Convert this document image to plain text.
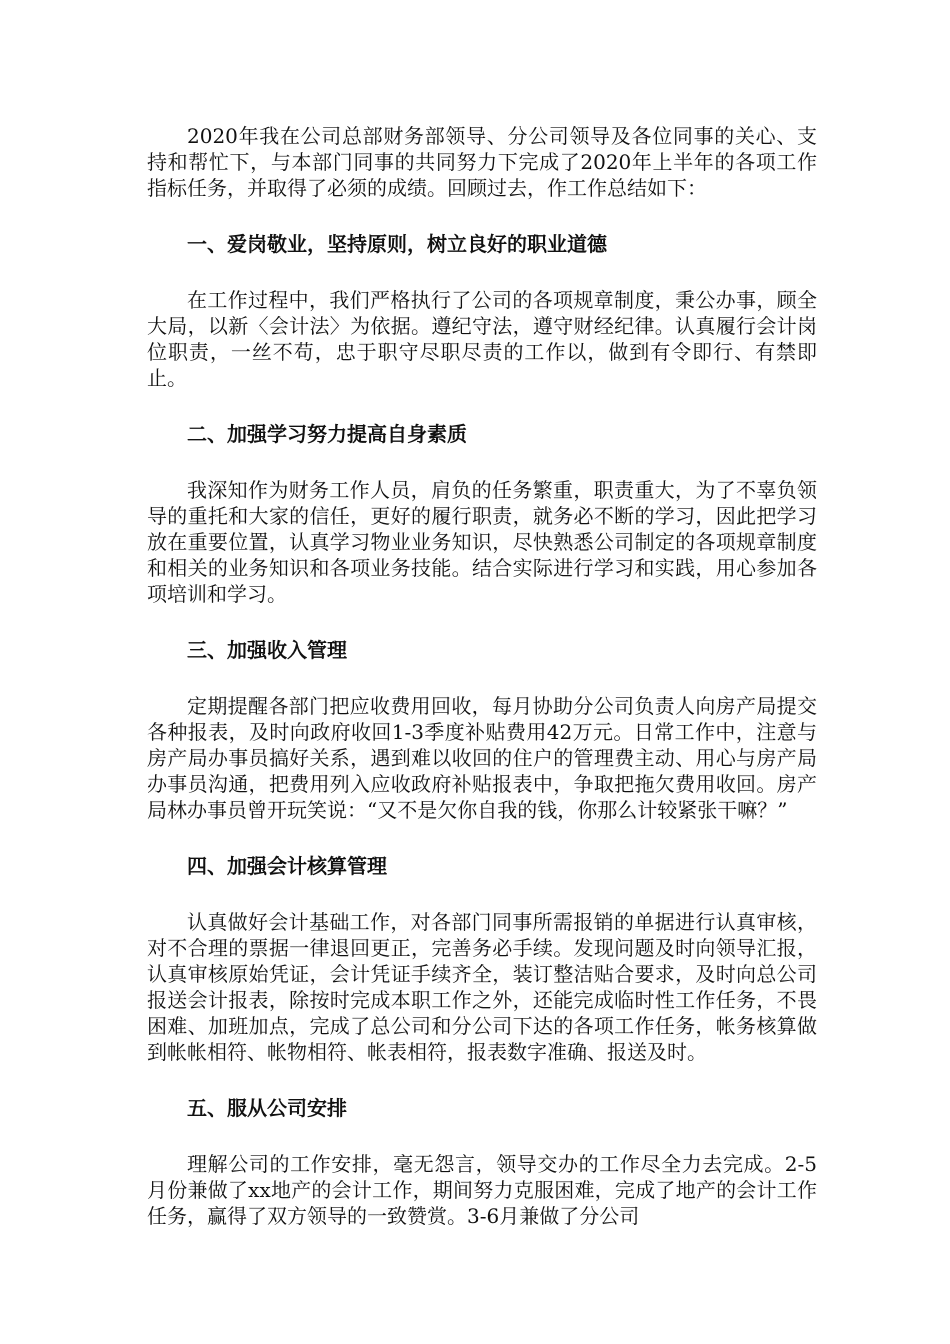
2020年我在公司总部财务部领导、分公司领导及各位同事的关心、支持和帮忙下，与本部门同事的共同努力下完成了2020年上半年的各项工作指标任务，并取得了必须的成绩。回顾过去，作工作总结如下：

一、爱岗敬业，坚持原则，树立良好的职业道德

在工作过程中，我们严格执行了公司的各项规章制度，秉公办事，顾全大局，以新〈会计法〉为依据。遵纪守法，遵守财经纪律。认真履行会计岗位职责，一丝不苟，忠于职守尽职尽责的工作以，做到有令即行、有禁即止。

二、加强学习努力提高自身素质

我深知作为财务工作人员，肩负的任务繁重，职责重大，为了不辜负领导的重托和大家的信任，更好的履行职责，就务必不断的学习，因此把学习放在重要位置，认真学习物业业务知识，尽快熟悉公司制定的各项规章制度和相关的业务知识和各项业务技能。结合实际进行学习和实践，用心参加各项培训和学习。

三、加强收入管理

定期提醒各部门把应收费用回收，每月协助分公司负责人向房产局提交各种报表，及时向政府收回1-3季度补贴费用42万元。日常工作中，注意与房产局办事员搞好关系，遇到难以收回的住户的管理费主动、用心与房产局办事员沟通，把费用列入应收政府补贴报表中，争取把拖欠费用收回。房产局林办事员曾开玩笑说：“又不是欠你自我的钱，你那么计较紧张干嘛？”

四、加强会计核算管理

认真做好会计基础工作，对各部门同事所需报销的单据进行认真审核，对不合理的票据一律退回更正，完善务必手续。发现问题及时向领导汇报，认真审核原始凭证，会计凭证手续齐全，装订整洁贴合要求，及时向总公司报送会计报表，除按时完成本职工作之外，还能完成临时性工作任务，不畏困难、加班加点，完成了总公司和分公司下达的各项工作任务，帐务核算做到帐帐相符、帐物相符、帐表相符，报表数字准确、报送及时。

五、服从公司安排

理解公司的工作安排，毫无怨言，领导交办的工作尽全力去完成。2-5月份兼做了xx地产的会计工作，期间努力克服困难，完成了地产的会计工作任务，赢得了双方领导的一致赞赏。3-6月兼做了分公司
